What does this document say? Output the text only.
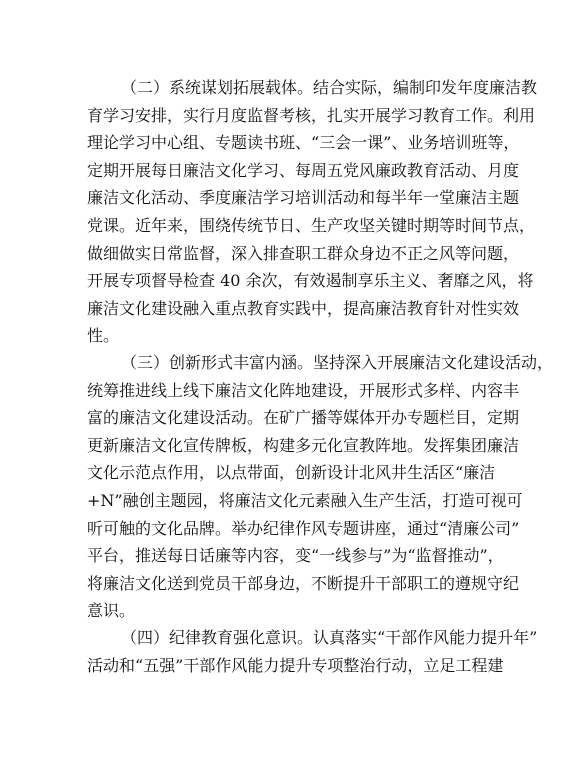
（二）系统谋划拓展载体。结合实际，编制印发年度廉洁教
育学习安排，实行月度监督考核，扎实开展学习教育工作。利用
理论学习中心组、专题读书班、“三会一课”、业务培训班等，
定期开展每日廉洁文化学习、每周五党风廉政教育活动、月度
廉洁文化活动、季度廉洁学习培训活动和每半年一堂廉洁主题
党课。近年来，围绕传统节日、生产攻坚关键时期等时间节点，
做细做实日常监督，深入排查职工群众身边不正之风等问题，
开展专项督导检查 40 余次，有效遏制享乐主义、奢靡之风，将
廉洁文化建设融入重点教育实践中，提高廉洁教育针对性实效
性。
（三）创新形式丰富内涵。坚持深入开展廉洁文化建设活动，
统筹推进线上线下廉洁文化阵地建设，开展形式多样、内容丰
富的廉洁文化建设活动。在矿广播等媒体开办专题栏目，定期
更新廉洁文化宣传牌板，构建多元化宣教阵地。发挥集团廉洁
文化示范点作用，以点带面，创新设计北风井生活区“廉洁
+N”融创主题园，将廉洁文化元素融入生产生活，打造可视可
听可触的文化品牌。举办纪律作风专题讲座，通过“清廉公司”
平台，推送每日话廉等内容，变“一线参与”为“监督推动”，
将廉洁文化送到党员干部身边，不断提升干部职工的遵规守纪
意识。
（四）纪律教育强化意识。认真落实“干部作风能力提升年”
活动和“五强”干部作风能力提升专项整治行动，立足工程建
